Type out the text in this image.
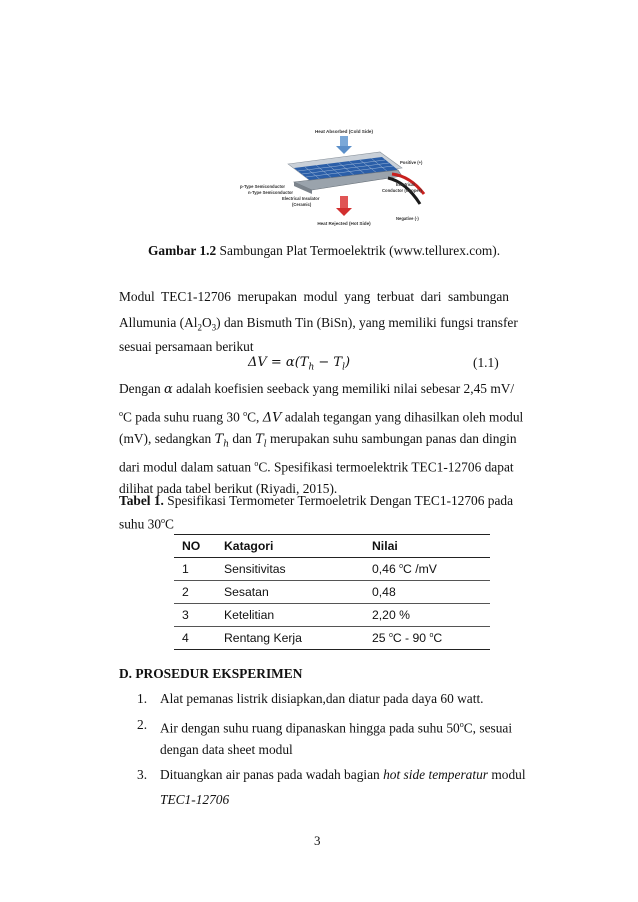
Heat Absorbed (Cold Side)
Heat Rejected (Hot Side)
Positive (+)
p-Type Semiconductor
n-Type Semiconductor
Electrical Insulator
(Ceramic)
Electrical
Conductor (Copper)
Negative (-)
Gambar 1.2 Sambungan Plat Termoelektrik (www.tellurex.com).
Modul TEC1-12706 merupakan modul yang terbuat dari sambungan
Allumunia $(Al_2O_3)$ dan Bismuth Tin (BiSn), yang memiliki fungsi transfer
sesuai persamaan berikut
$\Delta V = \alpha(T_h - T_l)$	(1.1)
Dengan α adalah koefisien seeback yang memiliki nilai sebesar 2,45 mV/
$^o$C pada suhu ruang 30 $^o$C, ΔV adalah tegangan yang dihasilkan oleh modul
(mV), sedangkan $T_h$ dan $T_l$ merupakan suhu sambungan panas dan dingin
dari modul dalam satuan $^o$C. Spesifikasi termoelektrik TEC1-12706 dapat
dilihat pada tabel berikut (Riyadi, 2015).
Tabel 1. Spesifikasi Termometer Termoeletrik Dengan TEC1-12706 pada
suhu 30$^o$C
NO	Katagori	Nilai
1	Sensitivitas	0,46 $^o$C /mV
2	Sesatan	0,48
3	Ketelitian	2,20 %
4	Rentang Kerja	25 $^o$C - 90 $^o$C
D. PROSEDUR EKSPERIMEN
1. Alat pemanas listrik disiapkan,dan diatur pada daya 60 watt.
2. Air dengan suhu ruang dipanaskan hingga pada suhu 50$^o$C, sesuai
dengan data sheet modul
3. Dituangkan air panas pada wadah bagian hot side temperatur modul
TEC1-12706
3
